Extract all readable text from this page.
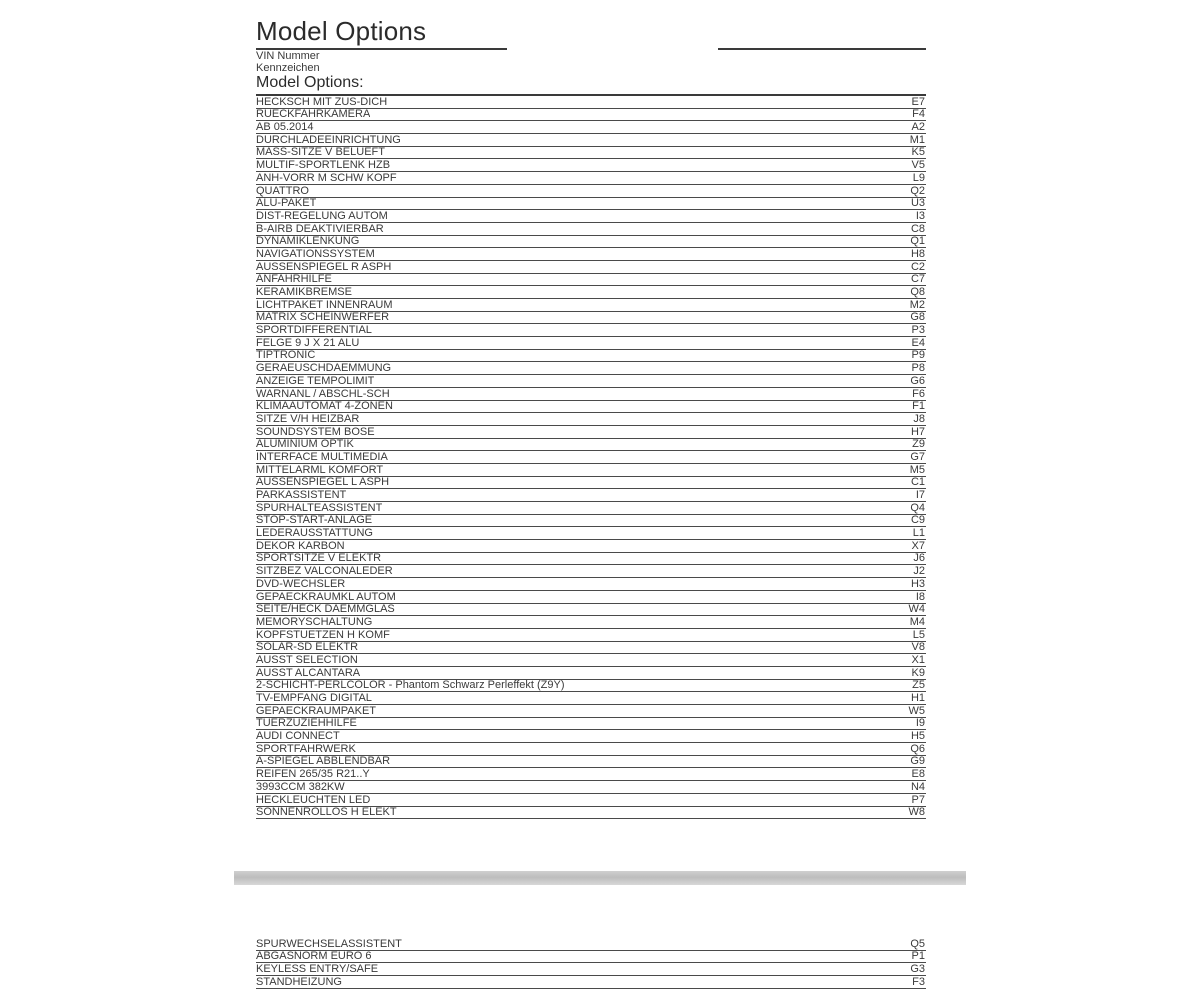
Model Options
VIN Nummer
Kennzeichen
Model Options:
HECKSCH MIT ZUS-DICH	E7
RUECKFAHRKAMERA	F4
AB 05.2014	A2
DURCHLADEEINRICHTUNG	M1
MASS-SITZE V BELUEFT	K5
MULTIF-SPORTLENK HZB	V5
ANH-VORR M SCHW KOPF	L9
QUATTRO	Q2
ALU-PAKET	U3
DIST-REGELUNG AUTOM	I3
B-AIRB DEAKTIVIERBAR	C8
DYNAMIKLENKUNG	Q1
NAVIGATIONSSYSTEM	H8
AUSSENSPIEGEL R ASPH	C2
ANFAHRHILFE	C7
KERAMIKBREMSE	Q8
LICHTPAKET INNENRAUM	M2
MATRIX SCHEINWERFER	G8
SPORTDIFFERENTIAL	P3
FELGE 9 J X 21 ALU	E4
TIPTRONIC	P9
GERAEUSCHDAEMMUNG	P8
ANZEIGE TEMPOLIMIT	G6
WARNANL / ABSCHL-SCH	F6
KLIMAAUTOMAT 4-ZONEN	F1
SITZE V/H HEIZBAR	J8
SOUNDSYSTEM BOSE	H7
ALUMINIUM OPTIK	Z9
INTERFACE MULTIMEDIA	G7
MITTELARML KOMFORT	M5
AUSSENSPIEGEL L ASPH	C1
PARKASSISTENT	I7
SPURHALTEASSISTENT	Q4
STOP-START-ANLAGE	C9
LEDERAUSSTATTUNG	L1
DEKOR KARBON	X7
SPORTSITZE V ELEKTR	J6
SITZBEZ VALCONALEDER	J2
DVD-WECHSLER	H3
GEPAECKRAUMKL AUTOM	I8
SEITE/HECK DAEMMGLAS	W4
MEMORYSCHALTUNG	M4
KOPFSTUETZEN H KOMF	L5
SOLAR-SD ELEKTR	V8
AUSST SELECTION	X1
AUSST ALCANTARA	K9
2-SCHICHT-PERLCOLOR - Phantom Schwarz Perleffekt (Z9Y)	Z5
TV-EMPFANG DIGITAL	H1
GEPAECKRAUMPAKET	W5
TUERZUZIEHHILFE	I9
AUDI CONNECT	H5
SPORTFAHRWERK	Q6
A-SPIEGEL ABBLENDBAR	G9
REIFEN 265/35 R21..Y	E8
3993CCM 382KW	N4
HECKLEUCHTEN LED	P7
SONNENROLLOS H ELEKT	W8
SPURWECHSELASSISTENT	Q5
ABGASNORM EURO 6	P1
KEYLESS ENTRY/SAFE	G3
STANDHEIZUNG	F3
